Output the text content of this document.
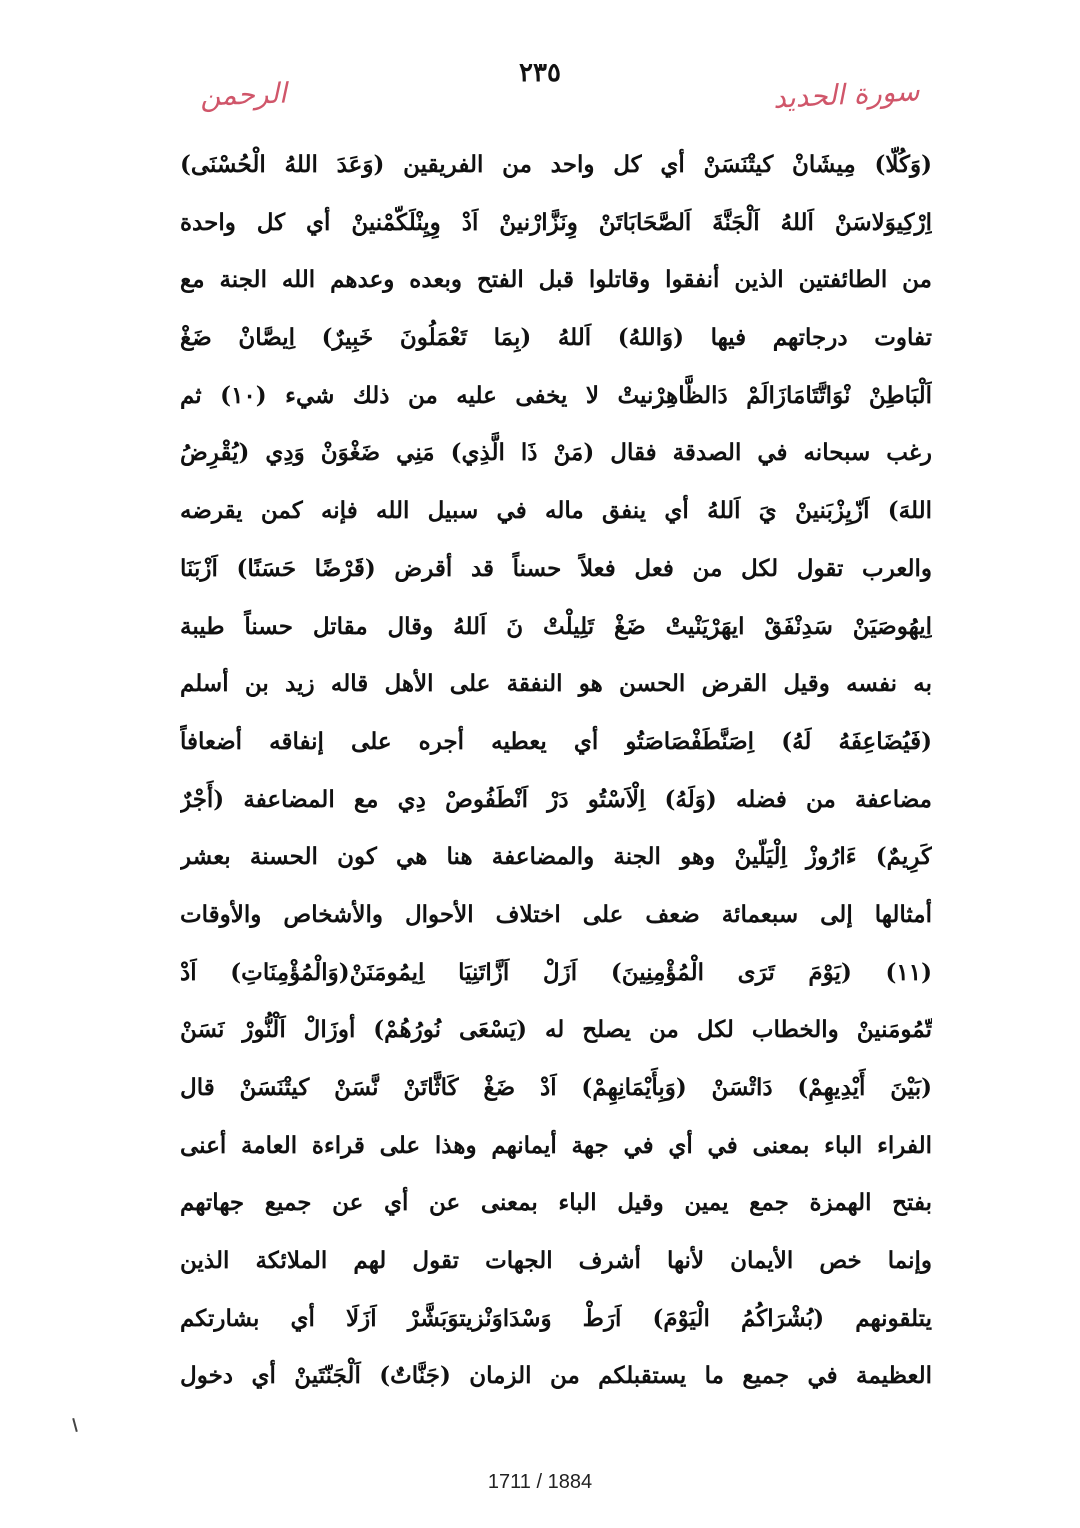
٢٣٥
سورة الحديد
الرحمن
(وَكُلّا) مِيشَانْ كيتْنَسَنْ أي كل واحد من الفريقين (وَعَدَ اللهُ الْحُسْنَى)
اِرْكِيوَلاسَنْ اَللهُ اَلْجَنَّةَ اَلصَّحَابَاتَنْ وِنَزَّارْنينْ اَدْ وِيِنْلَكّمْنينْ أي كل واحدة
من الطائفتين الذين أنفقوا وقاتلوا قبل الفتح وبعده وعدهم الله الجنة مع
تفاوت درجاتهم فيها (وَاللهُ) اَللهُ (بِمَا تَعْمَلُونَ خَبِيرٌ) اِيصَّانْ ضَغْ
اَلْبَاطِنْ نْوَاتَّتَامَازَالَمْ دَالظَّاهِرْنيتْ لا يخفى عليه من ذلك شيء (١٠) ثم
رغب سبحانه في الصدقة فقال (مَنْ ذَا الَّذِي) مَنِي ضَغْوَنْ وَدِي (يُقْرِضُ
اللهَ) اَزّيِزْبَنينْ يَ اَللهُ أي ينفق ماله في سبيل الله فإنه كمن يقرضه
والعرب تقول لكل من فعل فعلاً حسناً قد أقرض (قَرْضًا حَسَنًا) اَزْبَنَا
اِيهُوصَيَنْ سَدِنْفَقْ ايهَرْيَنْيتْ ضَغْ تَلِيلْتْ نَ اَللهُ وقال مقاتل حسناً طيبة
به نفسه وقيل القرض الحسن هو النفقة على الأهل قاله زيد بن أسلم
(فَيُضَاعِفَهُ لَهُ) اِصَنَّطَفْصَاصَتُو أي يعطيه أجره على إنفاقه أضعافاً
مضاعفة من فضله (وَلَهُ) اِلْاَسْتُو دَرْ اَنْطَفُوصْ دِي مع المضاعفة (أَجْرٌ
كَرِيمٌ) ءَارُوزْ اِلْيَلّينْ وهو الجنة والمضاعفة هنا هي كون الحسنة بعشر
أمثالها إلى سبعمائة ضعف على اختلاف الأحوال والأشخاص والأوقات
(١١) (يَوْمَ تَرَى الْمُؤْمِنِينَ) اَزَلْ اَزَّاتَنِيَا اِيمُومَنَنْ(وَالْمُؤْمِنَاتِ) اَدْ
تّمُومَنينْ والخطاب لكل من يصلح له (يَسْعَى نُورُهُمْ) أوزَالْ اَلْنُّورْ نَسَنْ
(بَيْنَ أَيْدِيهِمْ) دَاتْسَنْ (وَبِأَيْمَانِهِمْ) اَدْ ضَغْ كَاثَّاتَنْ نَّسَنْ كيتْنَسَنْ قال
الفراء الباء بمعنى في أي في جهة أيمانهم وهذا على قراءة العامة أعنى
بفتح الهمزة جمع يمين وقيل الباء بمعنى عن أي عن جميع جهاتهم
وإنما خص الأيمان لأنها أشرف الجهات تقول لهم الملائكة الذين
يتلقونهم (بُشْرَاكُمُ الْيَوْمَ) اَرَطْ وَسْدَاوَنْزيتوَبَشَّرْ اَزَلَا أي بشارتكم
العظيمة في جميع ما يستقبلكم من الزمان (جَنَّاتٌ) اَلْجَنّتَينْ أي دخول
1711 / 1884
